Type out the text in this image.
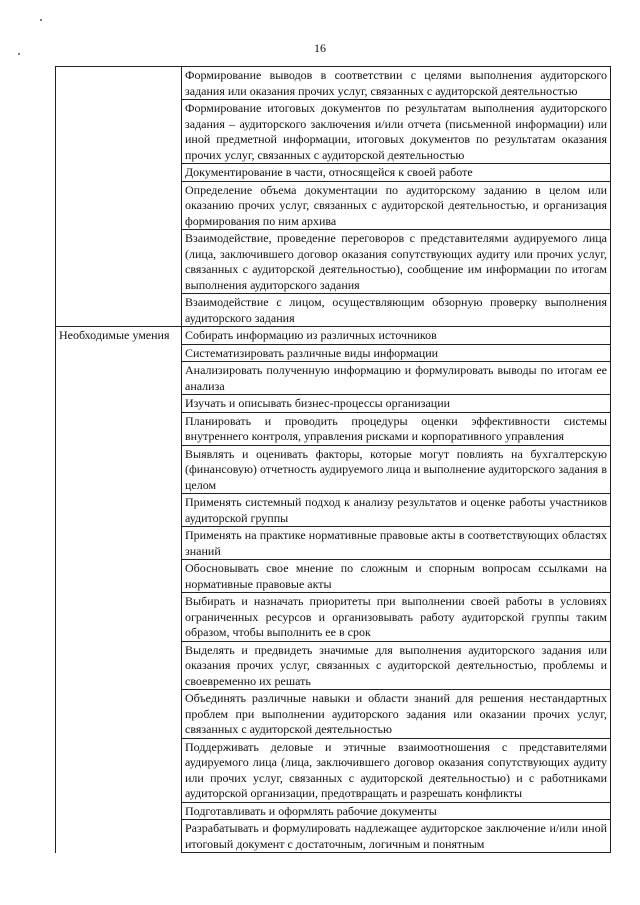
16
	Формирование выводов в соответствии с целями выполнения аудиторского задания или оказания прочих услуг, связанных с аудиторской деятельностью
	Формирование итоговых документов по результатам выполнения аудиторского задания – аудиторского заключения и/или отчета (письменной информации) или иной предметной информации, итоговых документов по результатам оказания прочих услуг, связанных с аудиторской деятельностью
	Документирование в части, относящейся к своей работе
	Определение объема документации по аудиторскому заданию в целом или оказанию прочих услуг, связанных с аудиторской деятельностью, и организация формирования по ним архива
	Взаимодействие, проведение переговоров с представителями аудируемого лица (лица, заключившего договор оказания сопутствующих аудиту или прочих услуг, связанных с аудиторской деятельностью), сообщение им информации по итогам выполнения аудиторского задания
	Взаимодействие с лицом, осуществляющим обзорную проверку выполнения аудиторского задания
Необходимые умения	Собирать информацию из различных источников
	Систематизировать различные виды информации
	Анализировать полученную информацию и формулировать выводы по итогам ее анализа
	Изучать и описывать бизнес-процессы организации
	Планировать и проводить процедуры оценки эффективности системы внутреннего контроля, управления рисками и корпоративного управления
	Выявлять и оценивать факторы, которые могут повлиять на бухгалтерскую (финансовую) отчетность аудируемого лица и выполнение аудиторского задания в целом
	Применять системный подход к анализу результатов и оценке работы участников аудиторской группы
	Применять на практике нормативные правовые акты в соответствующих областях знаний
	Обосновывать свое мнение по сложным и спорным вопросам ссылками на нормативные правовые акты
	Выбирать и назначать приоритеты при выполнении своей работы в условиях ограниченных ресурсов и организовывать работу аудиторской группы таким образом, чтобы выполнить ее в срок
	Выделять и предвидеть значимые для выполнения аудиторского задания или оказания прочих услуг, связанных с аудиторской деятельностью, проблемы и своевременно их решать
	Объединять различные навыки и области знаний для решения нестандартных проблем при выполнении аудиторского задания или оказании прочих услуг, связанных с аудиторской деятельностью
	Поддерживать деловые и этичные взаимоотношения с представителями аудируемого лица (лица, заключившего договор оказания сопутствующих аудиту или прочих услуг, связанных с аудиторской деятельностью) и с работниками аудиторской организации, предотвращать и разрешать конфликты
	Подготавливать и оформлять рабочие документы
	Разрабатывать и формулировать надлежащее аудиторское заключение и/или иной итоговый документ с достаточным, логичным и понятным
